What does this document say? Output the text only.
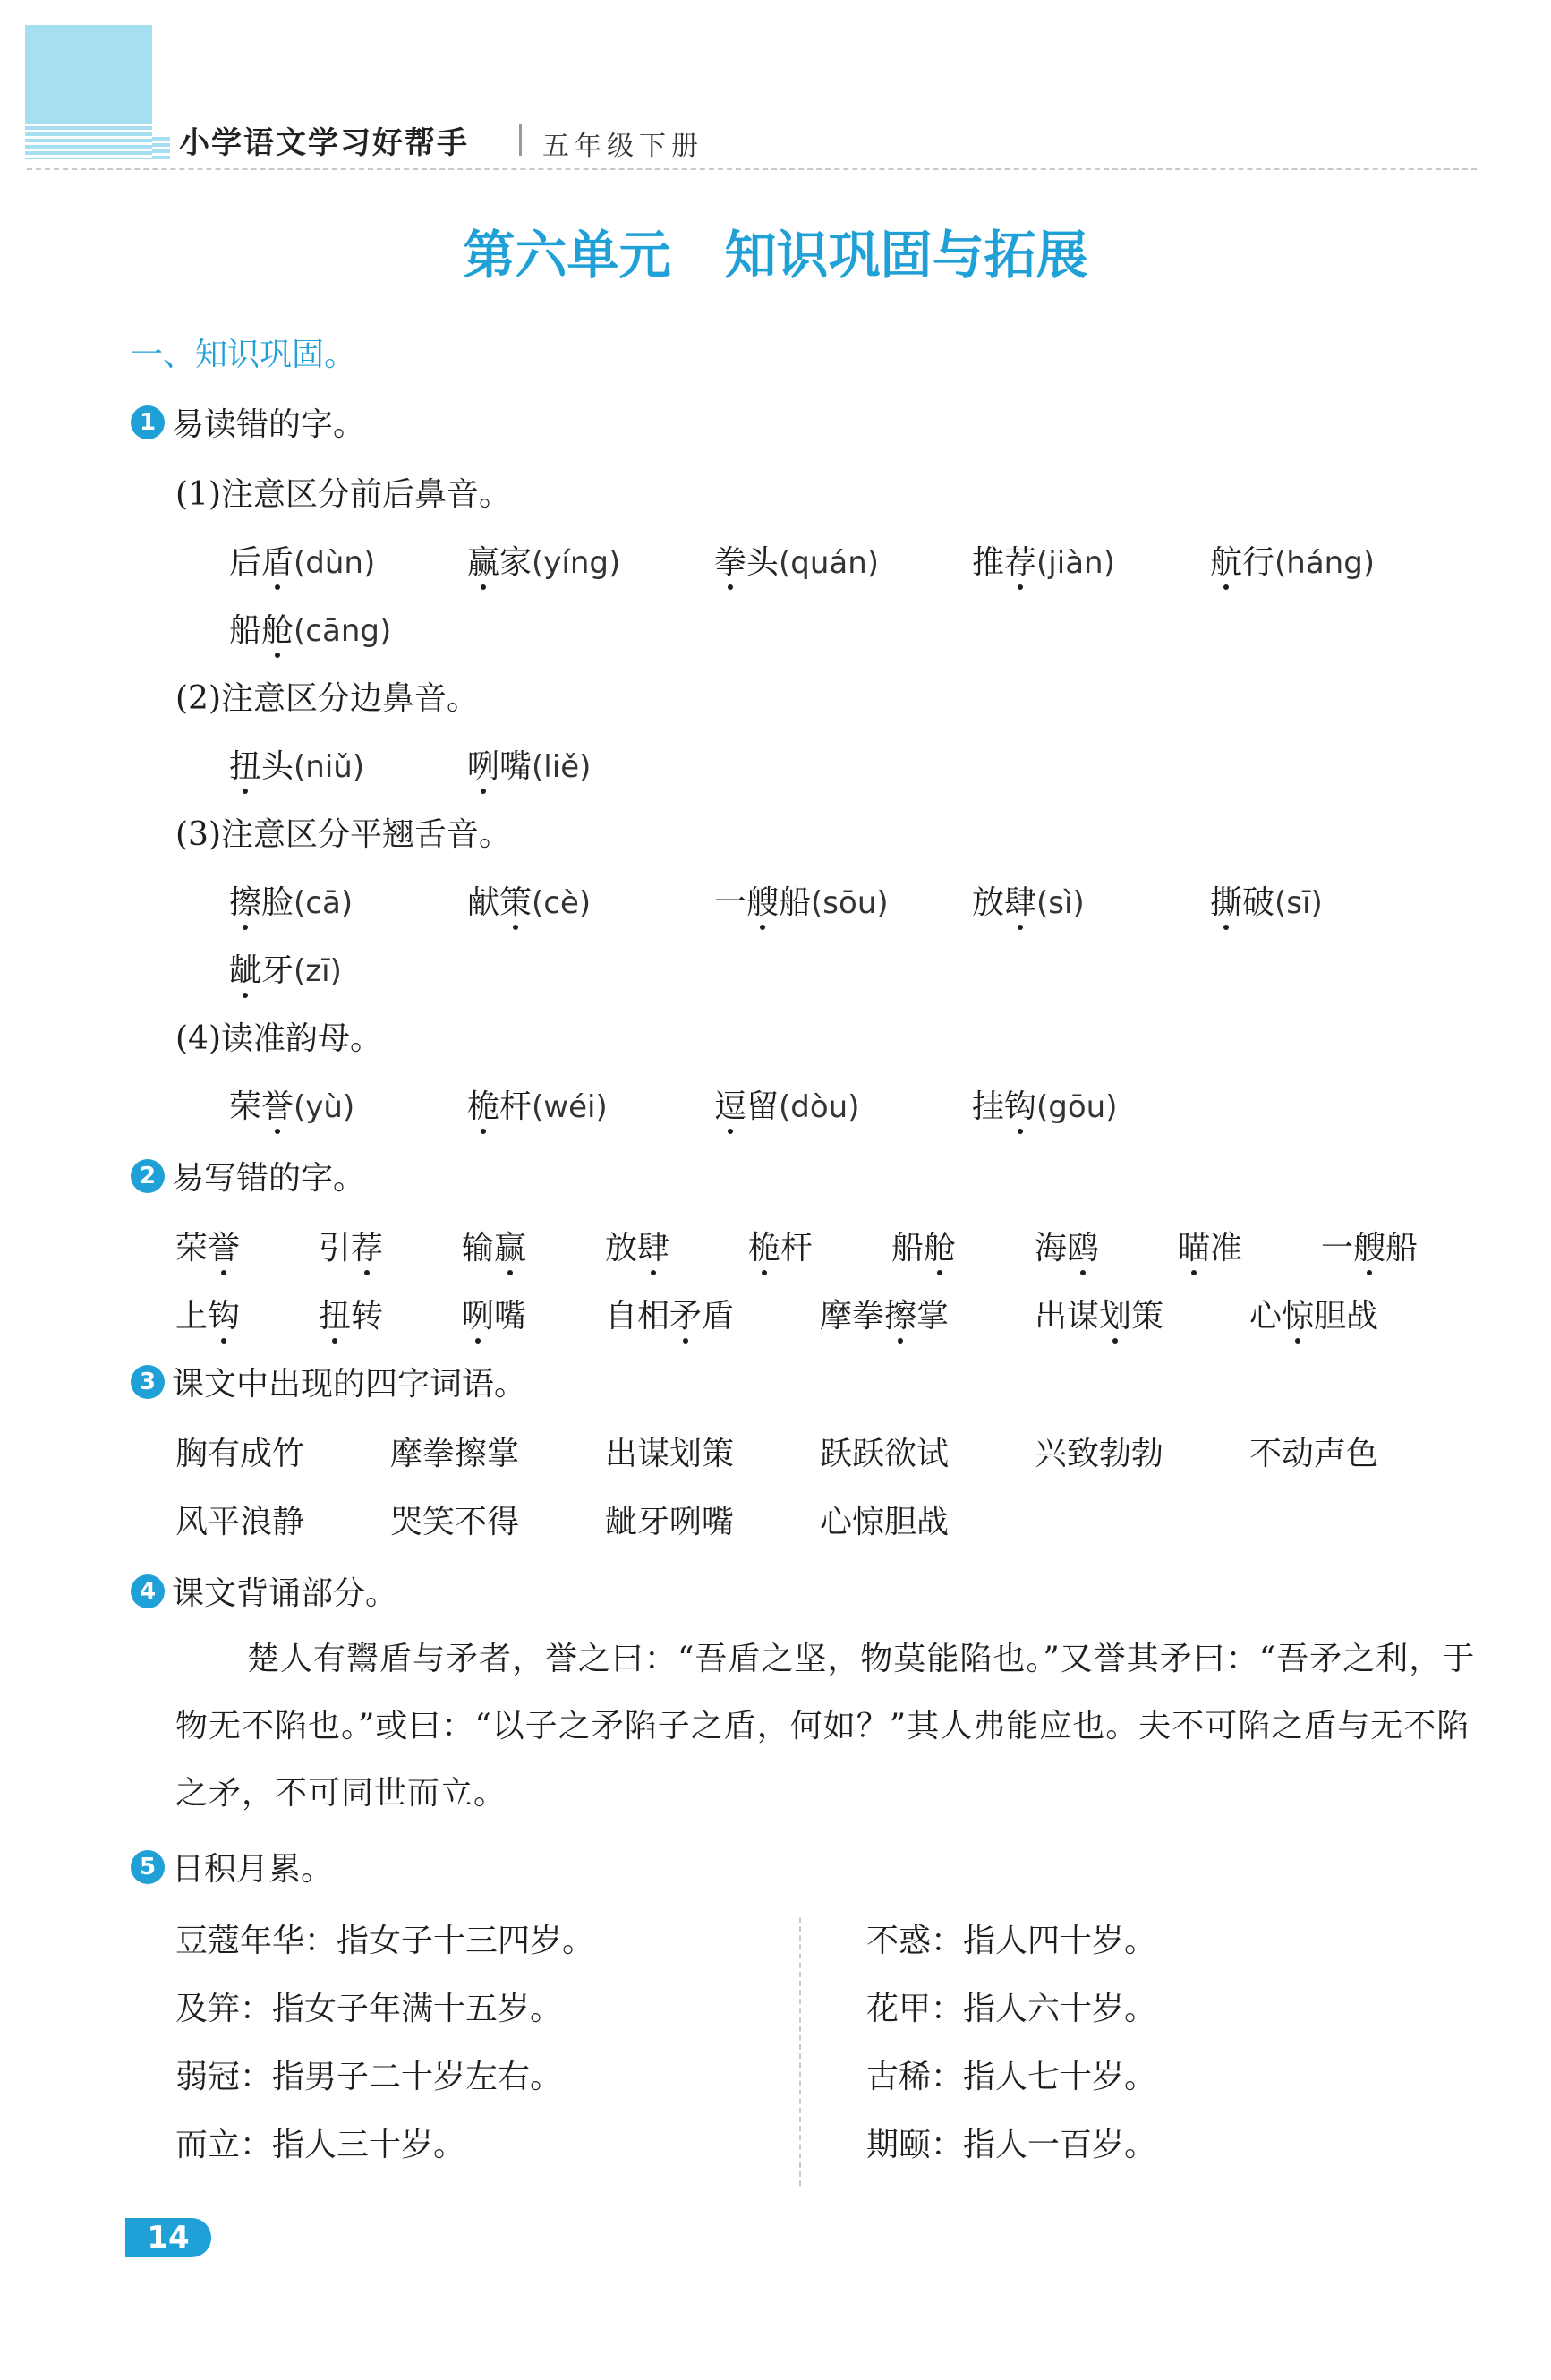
小学语文学习好帮手	五年级下册
第六单元 知识巩固与拓展
一、知识巩固。
1 易读错的字。
(1)注意区分前后鼻音。
后盾(dùn)	赢家(yíng)	拳头(quán)	推荐(jiàn)	航行(háng)
船舱(cāng)
(2)注意区分边鼻音。
扭头(niǔ)	咧嘴(liě)
(3)注意区分平翘舌音。
擦脸(cā)	献策(cè)	一艘船(sōu)	放肆(sì)	撕破(sī)
龇牙(zī)
(4)读准韵母。
荣誉(yù)	桅杆(wéi)	逗留(dòu)	挂钩(gōu)
2 易写错的字。
荣誉 引荐 输赢 放肆 桅杆 船舱 海鸥 瞄准 一艘船
上钩 扭转 咧嘴 自相矛盾	摩拳擦掌	出谋划策	心惊胆战
3 课文中出现的四字词语。
胸有成竹	摩拳擦掌	出谋划策	跃跃欲试	兴致勃勃	不动声色
风平浪静	哭笑不得	龇牙咧嘴	心惊胆战
4 课文背诵部分。
楚人有鬻盾与矛者，誉之曰：“吾盾之坚，物莫能陷也。”又誉其矛曰：“吾矛之利，于物无不陷也。”或曰：“以子之矛陷子之盾，何如？”其人弗能应也。夫不可陷之盾与无不陷之矛，不可同世而立。
5 日积月累。
豆蔻年华：指女子十三四岁。
及笄：指女子年满十五岁。
弱冠：指男子二十岁左右。
而立：指人三十岁。
不惑：指人四十岁。
花甲：指人六十岁。
古稀：指人七十岁。
期颐：指人一百岁。
14
